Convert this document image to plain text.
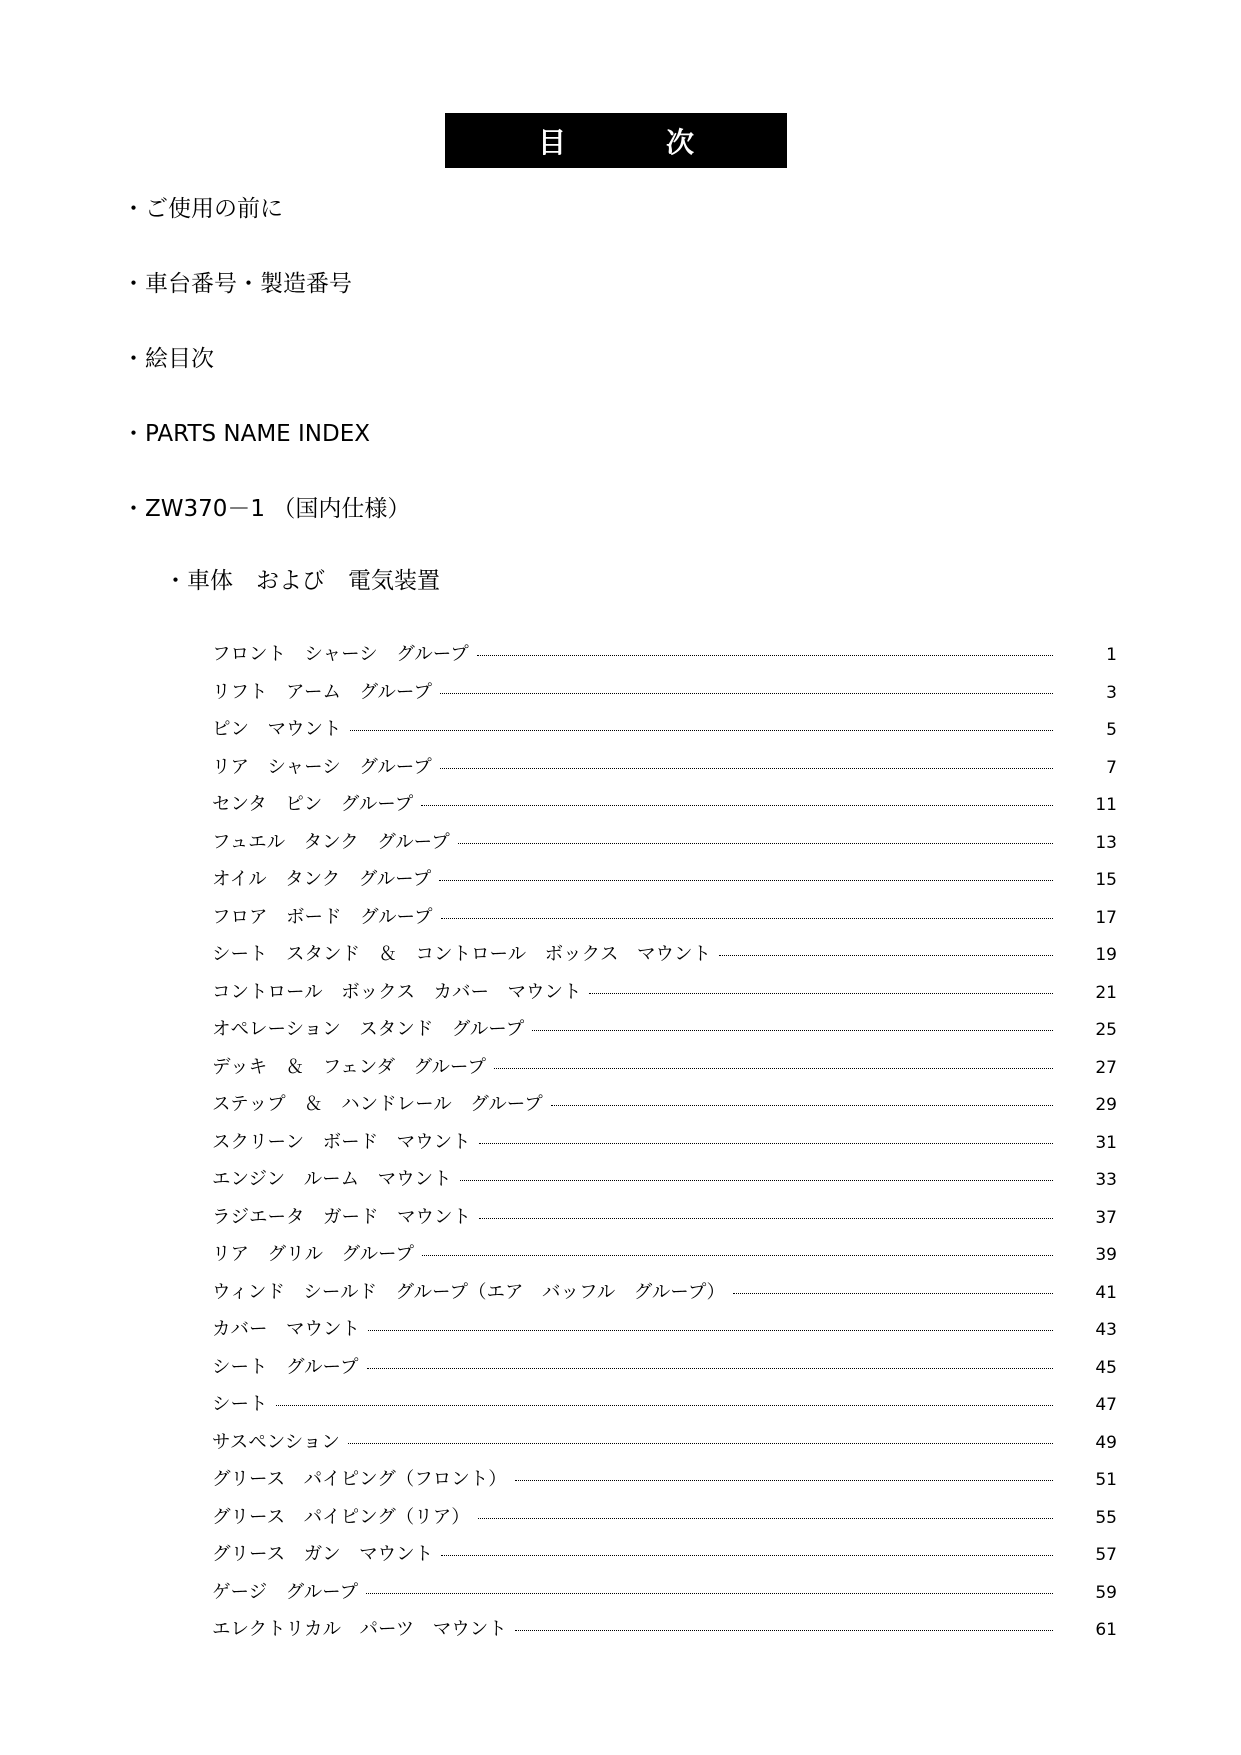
目　次
・ご使用の前に
・車台番号・製造番号
・絵目次
・PARTS NAME INDEX
・ZW370－1 （国内仕様）
・車体　および　電気装置
フロント　シャーシ　グループ	1
リフト　アーム　グループ	3
ピン　マウント	5
リア　シャーシ　グループ	7
センタ　ピン　グループ	11
フュエル　タンク　グループ	13
オイル　タンク　グループ	15
フロア　ボード　グループ	17
シート　スタンド　＆　コントロール　ボックス　マウント	19
コントロール　ボックス　カバー　マウント	21
オペレーション　スタンド　グループ	25
デッキ　＆　フェンダ　グループ	27
ステップ　＆　ハンドレール　グループ	29
スクリーン　ボード　マウント	31
エンジン　ルーム　マウント	33
ラジエータ　ガード　マウント	37
リア　グリル　グループ	39
ウィンド　シールド　グループ（エア　バッフル　グループ）	41
カバー　マウント	43
シート　グループ	45
シート	47
サスペンション	49
グリース　パイピング（フロント）	51
グリース　パイピング（リア）	55
グリース　ガン　マウント	57
ゲージ　グループ	59
エレクトリカル　パーツ　マウント	61
